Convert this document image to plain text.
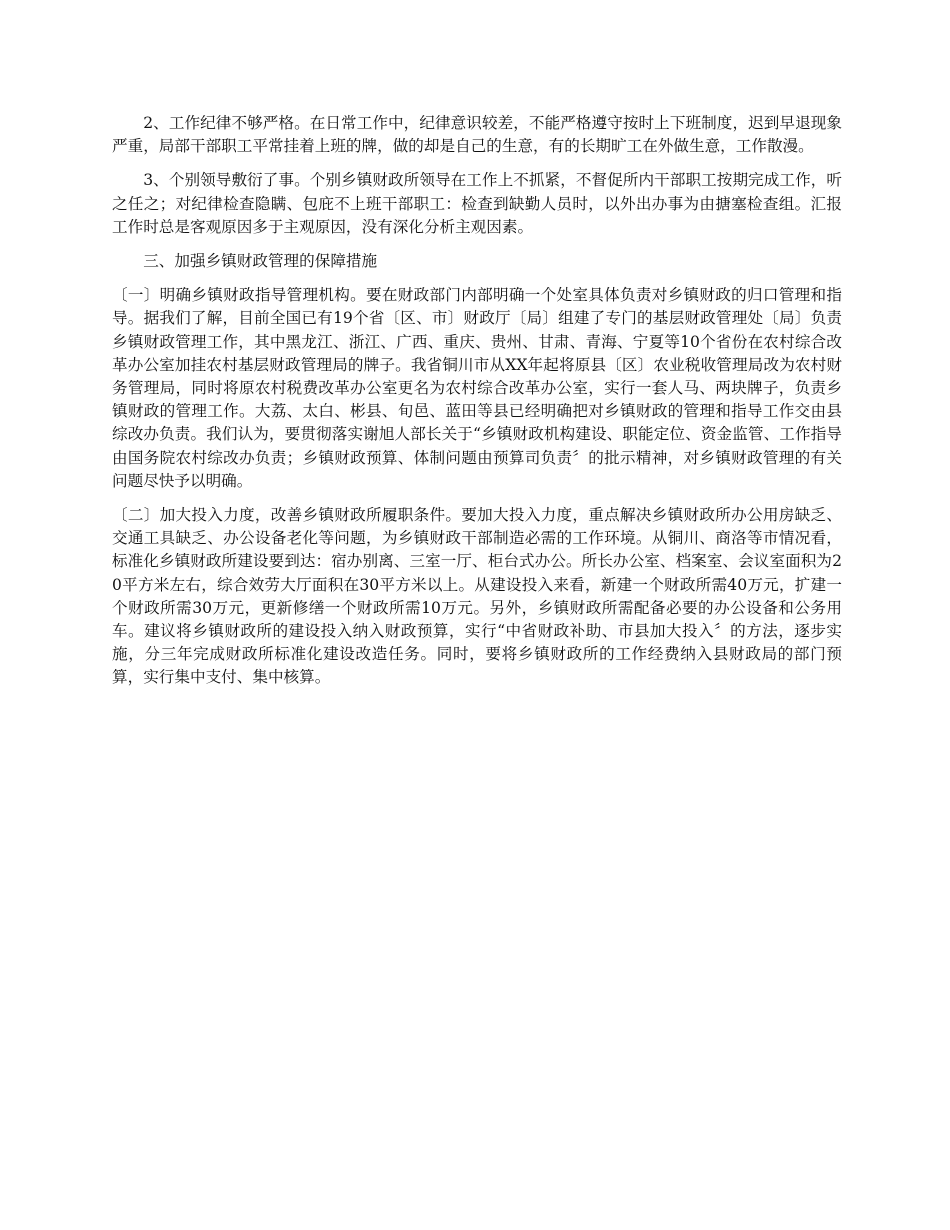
2、工作纪律不够严格。在日常工作中，纪律意识较差，不能严格遵守按时上下班制度，迟到早退现象严重，局部干部职工平常挂着上班的牌，做的却是自己的生意，有的长期旷工在外做生意，工作散漫。

3、个别领导敷衍了事。个别乡镇财政所领导在工作上不抓紧，不督促所内干部职工按期完成工作，听之任之；对纪律检查隐瞒、包庇不上班干部职工：检查到缺勤人员时，以外出办事为由搪塞检查组。汇报工作时总是客观原因多于主观原因，没有深化分析主观因素。

三、加强乡镇财政管理的保障措施

〔一〕明确乡镇财政指导管理机构。要在财政部门内部明确一个处室具体负责对乡镇财政的归口管理和指导。据我们了解，目前全国已有19个省〔区、市〕财政厅〔局〕组建了专门的基层财政管理处〔局〕负责乡镇财政管理工作，其中黑龙江、浙江、广西、重庆、贵州、甘肃、青海、宁夏等10个省份在农村综合改革办公室加挂农村基层财政管理局的牌子。我省铜川市从XX年起将原县〔区〕农业税收管理局改为农村财务管理局，同时将原农村税费改革办公室更名为农村综合改革办公室，实行一套人马、两块牌子，负责乡镇财政的管理工作。大荔、太白、彬县、旬邑、蓝田等县已经明确把对乡镇财政的管理和指导工作交由县综改办负责。我们认为，要贯彻落实谢旭人部长关于“乡镇财政机构建设、职能定位、资金监管、工作指导由国务院农村综改办负责；乡镇财政预算、体制问题由预算司负责〞的批示精神，对乡镇财政管理的有关问题尽快予以明确。

〔二〕加大投入力度，改善乡镇财政所履职条件。要加大投入力度，重点解决乡镇财政所办公用房缺乏、交通工具缺乏、办公设备老化等问题，为乡镇财政干部制造必需的工作环境。从铜川、商洛等市情况看，标准化乡镇财政所建设要到达：宿办别离、三室一厅、柜台式办公。所长办公室、档案室、会议室面积为20平方米左右，综合效劳大厅面积在30平方米以上。从建设投入来看，新建一个财政所需40万元，扩建一个财政所需30万元，更新修缮一个财政所需10万元。另外，乡镇财政所需配备必要的办公设备和公务用车。建议将乡镇财政所的建设投入纳入财政预算，实行“中省财政补助、市县加大投入〞的方法，逐步实施，分三年完成财政所标准化建设改造任务。同时，要将乡镇财政所的工作经费纳入县财政局的部门预算，实行集中支付、集中核算。
